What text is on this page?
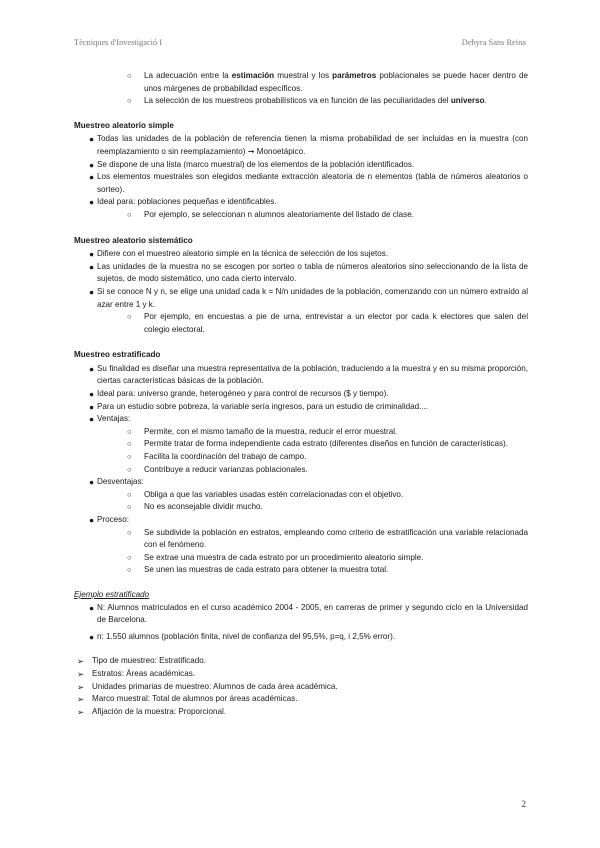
Tècniques d'Investigació I	Dehyra Sans Reina
○ La adecuación entre la estimación muestral y los parámetros poblacionales se puede hacer dentro de unos márgenes de probabilidad específicos.
○ La selección de los muestreos probabilísticos va en función de las peculiaridades del universo.
Muestreo aleatorio simple
● Todas las unidades de la población de referencia tienen la misma probabilidad de ser incluidas en la muestra (con reemplazamiento o sin reemplazamiento) ➞ Monoetápico.
● Se dispone de una lista (marco muestral) de los elementos de la población identificados.
● Los elementos muestrales son elegidos mediante extracción aleatoria de n elementos (tabla de números aleatorios o sorteo).
● Ideal para: poblaciones pequeñas e identificables.
○ Por ejemplo, se seleccionan n alumnos aleatoriamente del listado de clase.
Muestreo aleatorio sistemático
● Difiere con el muestreo aleatorio simple en la técnica de selección de los sujetos.
● Las unidades de la muestra no se escogen por sorteo o tabla de números aleatorios sino seleccionando de la lista de sujetos, de modo sistemático, uno cada cierto intervalo.
● Si se conoce N y n, se elige una unidad cada k = N/n unidades de la población, comenzando con un número extraído al azar entre 1 y k.
○ Por ejemplo, en encuestas a pie de urna, entrevistar a un elector por cada k electores que salen del colegio electoral.
Muestreo estratificado
● Su finalidad es diseñar una muestra representativa de la población, traduciendo a la muestra y en su misma proporción, ciertas características básicas de la población.
● Ideal para: universo grande, heterogéneo y para control de recursos ($ y tiempo).
● Para un estudio sobre pobreza, la variable sería ingresos, para un estudio de criminalidad....
● Ventajas:
○ Permite, con el mismo tamaño de la muestra, reducir el error muestral.
○ Permite tratar de forma independiente cada estrato (diferentes diseños en función de características).
○ Facilita la coordinación del trabajo de campo.
○ Contribuye a reducir varianzas poblacionales.
● Desventajas:
○ Obliga a que las variables usadas estén correlacionadas con el objetivo.
○ No es aconsejable dividir mucho.
● Proceso:
○ Se subdivide la población en estratos, empleando como criterio de estratificación una variable relacionada con el fenómeno.
○ Se extrae una muestra de cada estrato por un procedimiento aleatorio simple.
○ Se unen las muestras de cada estrato para obtener la muestra total.
Ejemplo estratificado
● N: Alumnos matriculados en el curso académico 2004 - 2005, en carreras de primer y segundo ciclo en la Universidad de Barcelona.
● n: 1.550 alumnos (población finita, nivel de confianza del 95,5%, p=q, i 2,5% error).
➢ Tipo de muestreo: Estratificado.
➢ Estratos: Áreas académicas.
➢ Unidades primarias de muestreo: Alumnos de cada área académica.
➢ Marco muestral: Total de alumnos por áreas académicas.
➢ Afijación de la muestra: Proporcional.
2
